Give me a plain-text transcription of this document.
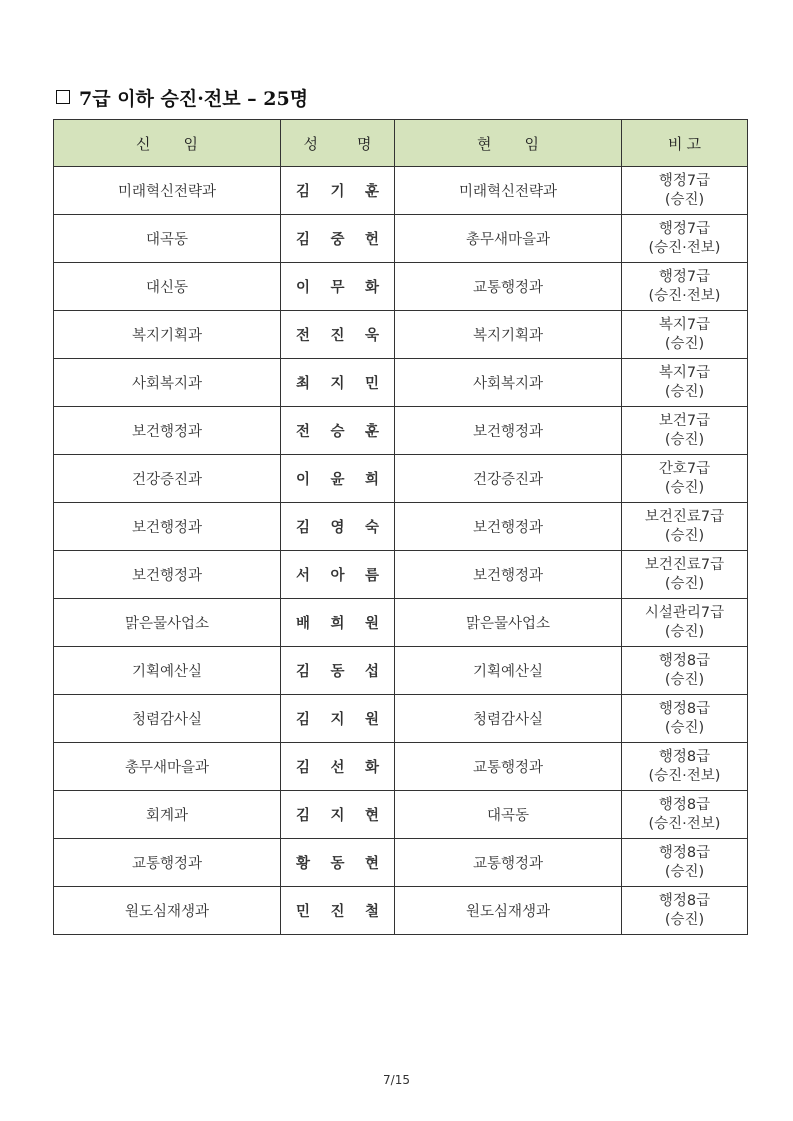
7급 이하 승진·전보 – 25명
신 임	성 명	현 임	비고
미래혁신전략과	김 기 훈	미래혁신전략과	행정7급
(승진)

대곡동	김 중 헌	총무새마을과	행정7급
(승진·전보)

대신동	이 무 화	교통행정과	행정7급
(승진·전보)

복지기획과	전 진 욱	복지기획과	복지7급
(승진)

사회복지과	최 지 민	사회복지과	복지7급
(승진)

보건행정과	전 승 훈	보건행정과	보건7급
(승진)

건강증진과	이 윤 희	건강증진과	간호7급
(승진)

보건행정과	김 영 숙	보건행정과	보건진료7급
(승진)

보건행정과	서 아 름	보건행정과	보건진료7급
(승진)

맑은물사업소	배 희 원	맑은물사업소	시설관리7급
(승진)

기획예산실	김 동 섭	기획예산실	행정8급
(승진)

청렴감사실	김 지 원	청렴감사실	행정8급
(승진)

총무새마을과	김 선 화	교통행정과	행정8급
(승진·전보)

회계과	김 지 현	대곡동	행정8급
(승진·전보)

교통행정과	황 동 현	교통행정과	행정8급
(승진)

원도심재생과	민 진 철	원도심재생과	행정8급
(승진)
7/15
